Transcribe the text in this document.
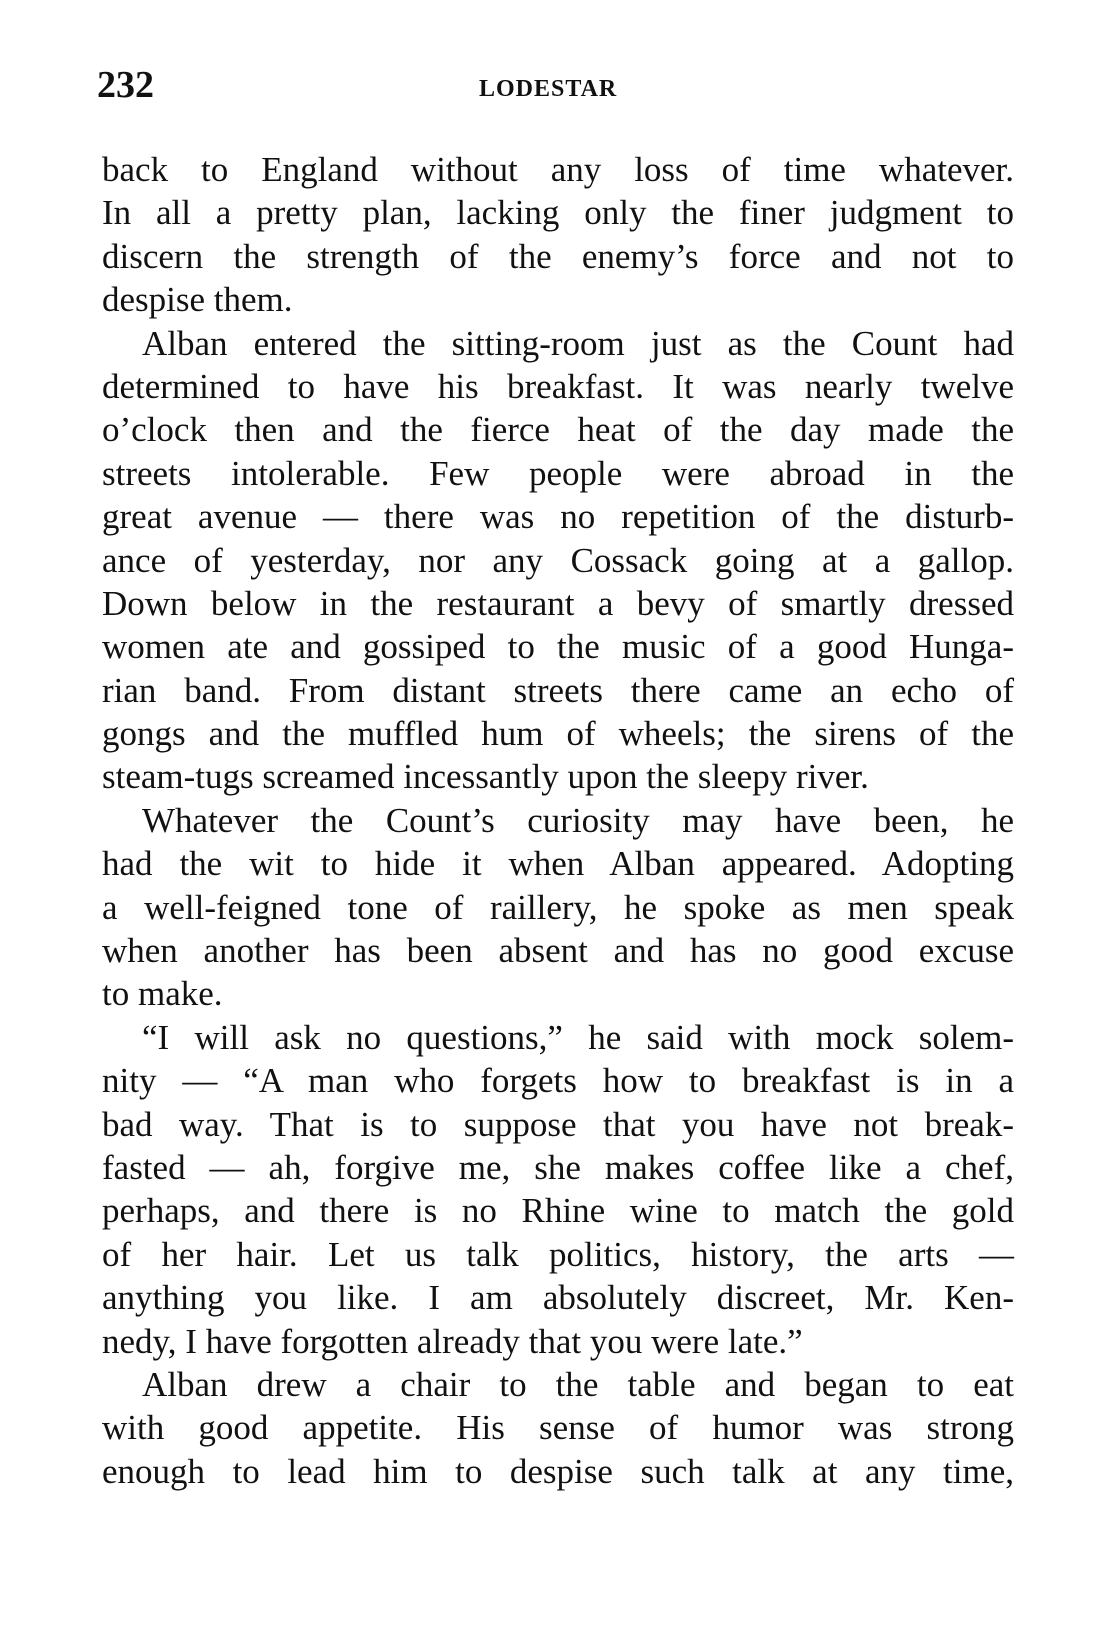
232	LODESTAR
back to England without any loss of time whatever.
In all a pretty plan, lacking only the finer judgment to
discern the strength of the enemy’s force and not to
despise them.
Alban entered the sitting-room just as the Count had
determined to have his breakfast. It was nearly twelve
o’clock then and the fierce heat of the day made the
streets intolerable. Few people were abroad in the
great avenue — there was no repetition of the disturb-
ance of yesterday, nor any Cossack going at a gallop.
Down below in the restaurant a bevy of smartly dressed
women ate and gossiped to the music of a good Hunga-
rian band. From distant streets there came an echo of
gongs and the muffled hum of wheels; the sirens of the
steam-tugs screamed incessantly upon the sleepy river.
Whatever the Count’s curiosity may have been, he
had the wit to hide it when Alban appeared. Adopting
a well-feigned tone of raillery, he spoke as men speak
when another has been absent and has no good excuse
to make.
“I will ask no questions,” he said with mock solem-
nity — “A man who forgets how to breakfast is in a
bad way. That is to suppose that you have not break-
fasted — ah, forgive me, she makes coffee like a chef,
perhaps, and there is no Rhine wine to match the gold
of her hair. Let us talk politics, history, the arts —
anything you like. I am absolutely discreet, Mr. Ken-
nedy, I have forgotten already that you were late.”
Alban drew a chair to the table and began to eat
with good appetite. His sense of humor was strong
enough to lead him to despise such talk at any time,
